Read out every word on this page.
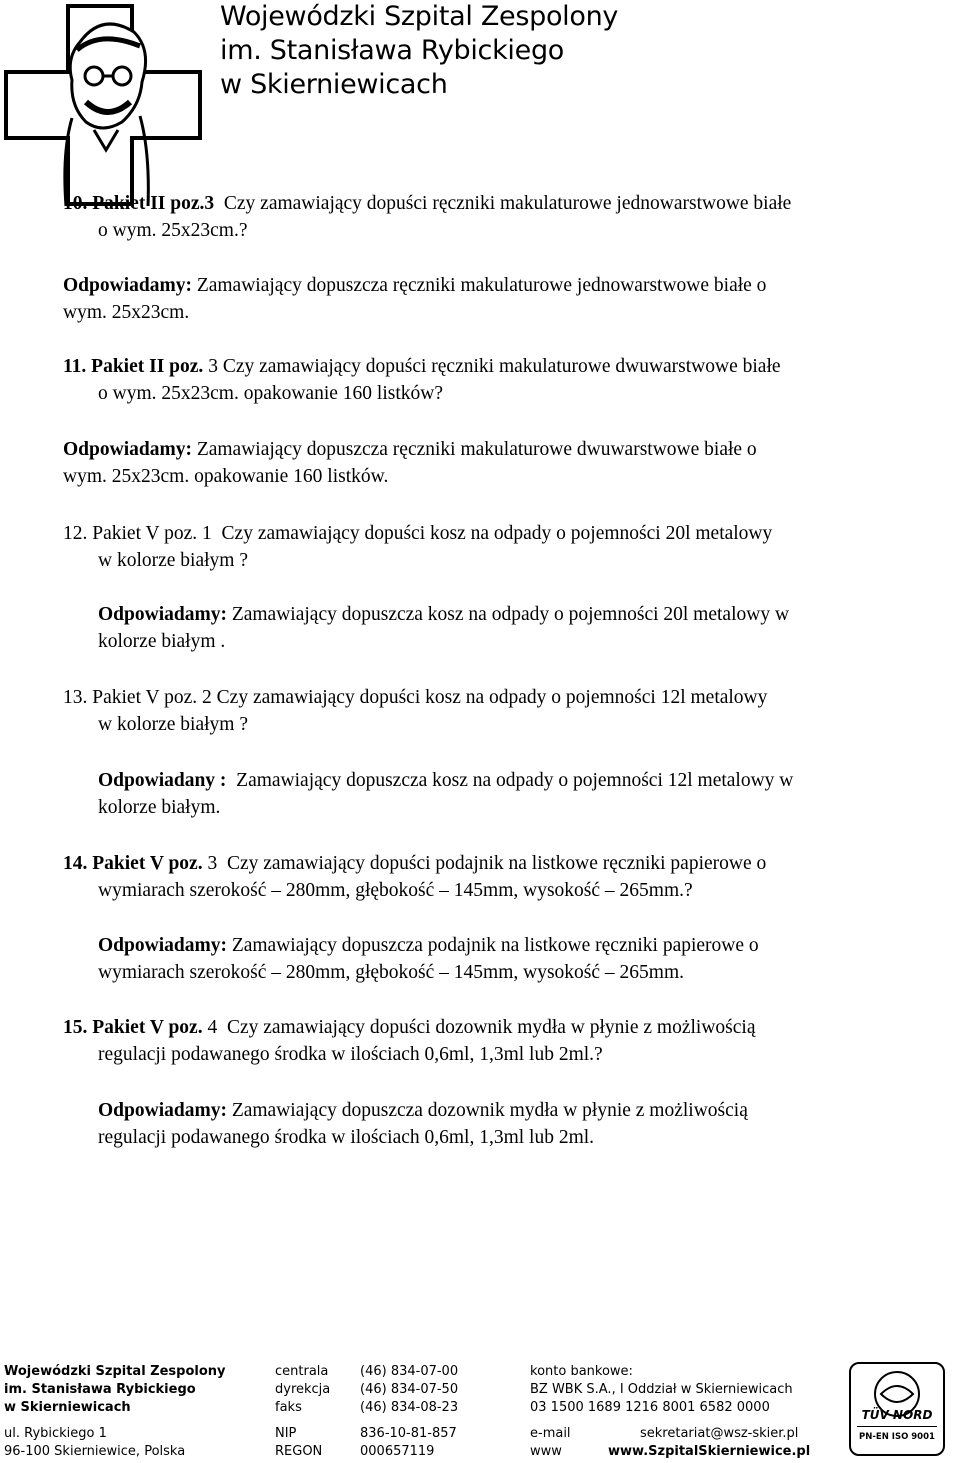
Wojewódzki Szpital Zespolony
im. Stanisława Rybickiego
w Skierniewicach
10. Pakiet II poz.3 Czy zamawiający dopuści ręczniki makulaturowe jednowarstwowe białe
o wym. 25x23cm.?
Odpowiadamy: Zamawiający dopuszcza ręczniki makulaturowe jednowarstwowe białe o
wym. 25x23cm.
11. Pakiet II poz. 3 Czy zamawiający dopuści ręczniki makulaturowe dwuwarstwowe białe
o wym. 25x23cm. opakowanie 160 listków?
Odpowiadamy: Zamawiający dopuszcza ręczniki makulaturowe dwuwarstwowe białe o
wym. 25x23cm. opakowanie 160 listków.
12. Pakiet V poz. 1 Czy zamawiający dopuści kosz na odpady o pojemności 20l metalowy
w kolorze białym ?
Odpowiadamy: Zamawiający dopuszcza kosz na odpady o pojemności 20l metalowy w
kolorze białym .
13. Pakiet V poz. 2 Czy zamawiający dopuści kosz na odpady o pojemności 12l metalowy
w kolorze białym ?
Odpowiadany : Zamawiający dopuszcza kosz na odpady o pojemności 12l metalowy w
kolorze białym.
14. Pakiet V poz. 3 Czy zamawiający dopuści podajnik na listkowe ręczniki papierowe o
wymiarach szerokość – 280mm, głębokość – 145mm, wysokość – 265mm.?
Odpowiadamy: Zamawiający dopuszcza podajnik na listkowe ręczniki papierowe o
wymiarach szerokość – 280mm, głębokość – 145mm, wysokość – 265mm.
15. Pakiet V poz. 4 Czy zamawiający dopuści dozownik mydła w płynie z możliwością
regulacji podawanego środka w ilościach 0,6ml, 1,3ml lub 2ml.?
Odpowiadamy: Zamawiający dopuszcza dozownik mydła w płynie z możliwością
regulacji podawanego środka w ilościach 0,6ml, 1,3ml lub 2ml.
Wojewódzki Szpital Zespolony
im. Stanisława Rybickiego
w Skierniewicach
ul. Rybickiego 1
96-100 Skierniewice, Polska
centrala (46) 834-07-00
dyrekcja (46) 834-07-50
faks	(46) 834-08-23
NIP	836-10-81-857
REGON	000657119
konto bankowe:
BZ WBK S.A., I Oddział w Skierniewicach
03 1500 1689 1216 8001 6582 0000
e-mail	sekretariat@wsz-skier.pl
www	www.SzpitalSkierniewice.pl
TÜV NORD
PN-EN ISO 9001
